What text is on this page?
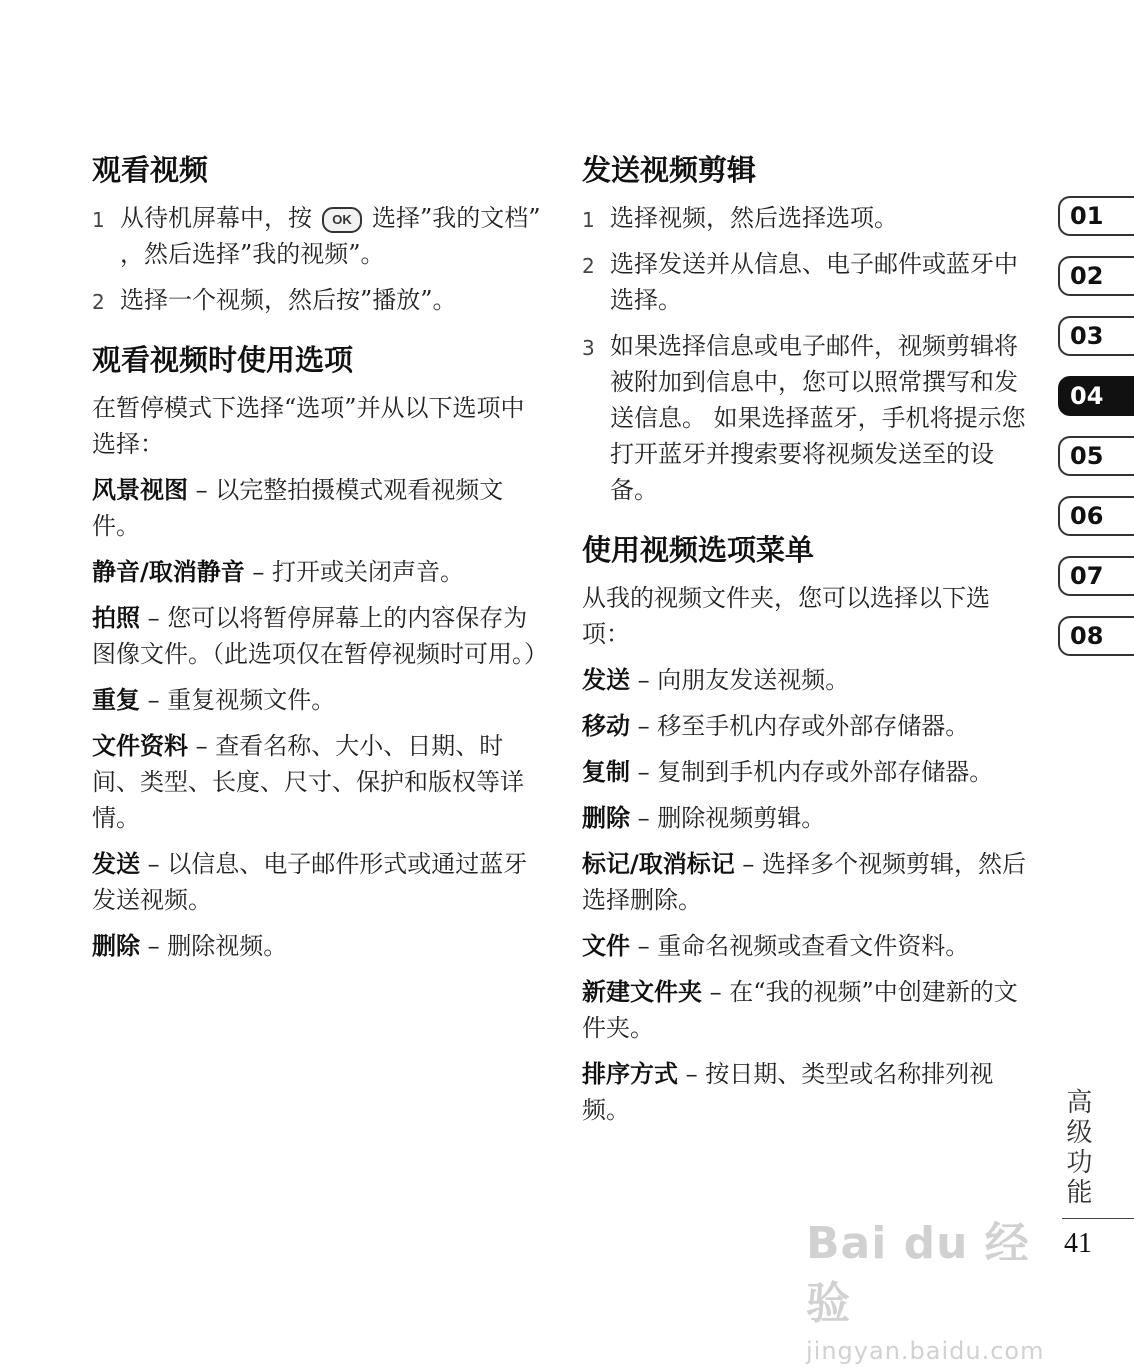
观看视频
1 从待机屏幕中，按 OK 选择”我的文档” ，然后选择”我的视频”。
2 选择一个视频，然后按”播放”。
观看视频时使用选项

在暂停模式下选择“选项”并从以下选项中选择：

风景视图 – 以完整拍摄模式观看视频文件。

静音/取消静音 – 打开或关闭声音。

拍照 – 您可以将暂停屏幕上的内容保存为图像文件。（此选项仅在暂停视频时可用。）

重复 – 重复视频文件。

文件资料 – 查看名称、大小、日期、时间、类型、长度、尺寸、保护和版权等详情。

发送 – 以信息、电子邮件形式或通过蓝牙发送视频。

删除 – 删除视频。

发送视频剪辑
1 选择视频，然后选择选项。
2 选择发送并从信息、电子邮件或蓝牙中选择。
3 如果选择信息或电子邮件，视频剪辑将被附加到信息中，您可以照常撰写和发送信息。 如果选择蓝牙，手机将提示您打开蓝牙并搜索要将视频发送至的设备。
使用视频选项菜单

从我的视频文件夹，您可以选择以下选项：

发送 – 向朋友发送视频。

移动 – 移至手机内存或外部存储器。

复制 – 复制到手机内存或外部存储器。

删除 – 删除视频剪辑。

标记/取消标记 – 选择多个视频剪辑，然后选择删除。

文件 – 重命名视频或查看文件资料。

新建文件夹 – 在“我的视频”中创建新的文件夹。

排序方式 – 按日期、类型或名称排列视频。

01
02
03
04
05
06
07
08
高级功能
Bai du 经验
jingyan.baidu.com
41
